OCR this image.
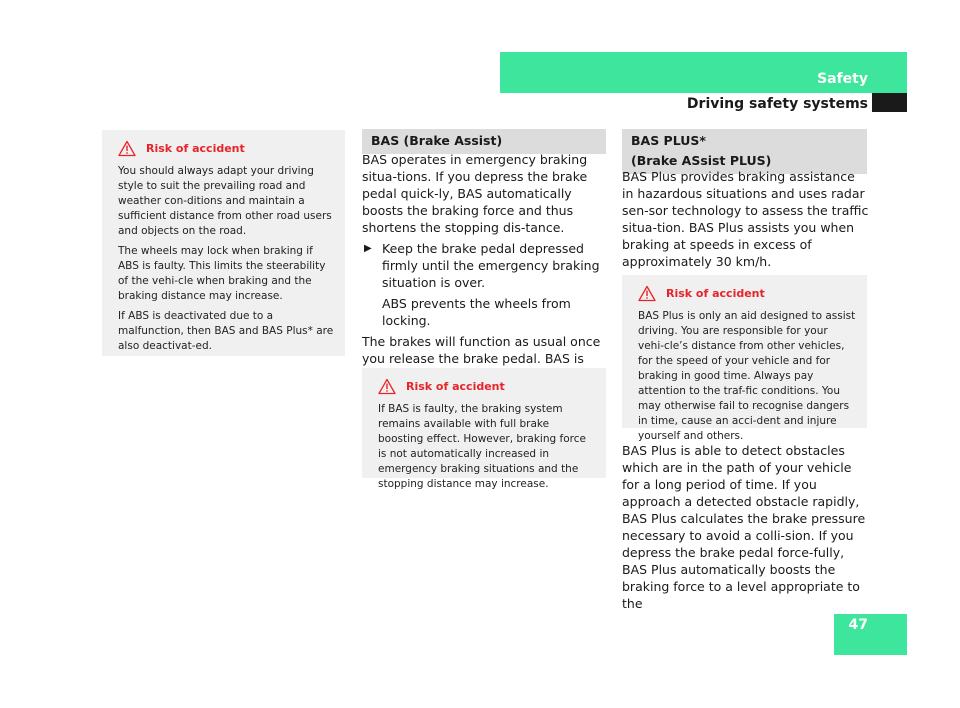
Safety
Driving safety systems
Risk of accident

You should always adapt your driving style to suit the prevailing road and weather con-ditions and maintain a sufficient distance from other road users and objects on the road.

The wheels may lock when braking if ABS is faulty. This limits the steerability of the vehi-cle when braking and the braking distance may increase.

If ABS is deactivated due to a malfunction, then BAS and BAS Plus* are also deactivat-ed.

BAS (Brake Assist)

BAS operates in emergency braking situa-tions. If you depress the brake pedal quick-ly, BAS automatically boosts the braking force and thus shortens the stopping dis-tance.

▶ Keep the brake pedal depressed firmly until the emergency braking situation is over.

ABS prevents the wheels from locking.

The brakes will function as usual once you release the brake pedal. BAS is

Risk of accident

If BAS is faulty, the braking system remains available with full brake boosting effect. However, braking force is not automatically increased in emergency braking situations and the stopping distance may increase.

BAS PLUS*
(Brake ASsist PLUS)
BAS Plus provides braking assistance in hazardous situations and uses radar sen-sor technology to assess the traffic situa-tion. BAS Plus assists you when braking at speeds in excess of approximately 30 km/h.
Risk of accident

BAS Plus is only an aid designed to assist driving. You are responsible for your vehi-cle’s distance from other vehicles, for the speed of your vehicle and for braking in good time. Always pay attention to the traf-fic conditions. You may otherwise fail to recognise dangers in time, cause an acci-dent and injure yourself and others.

BAS Plus is able to detect obstacles which are in the path of your vehicle for a long period of time. If you approach a detected obstacle rapidly, BAS Plus calculates the brake pressure necessary to avoid a colli-sion. If you depress the brake pedal force-fully, BAS Plus automatically boosts the braking force to a level appropriate to the
47
